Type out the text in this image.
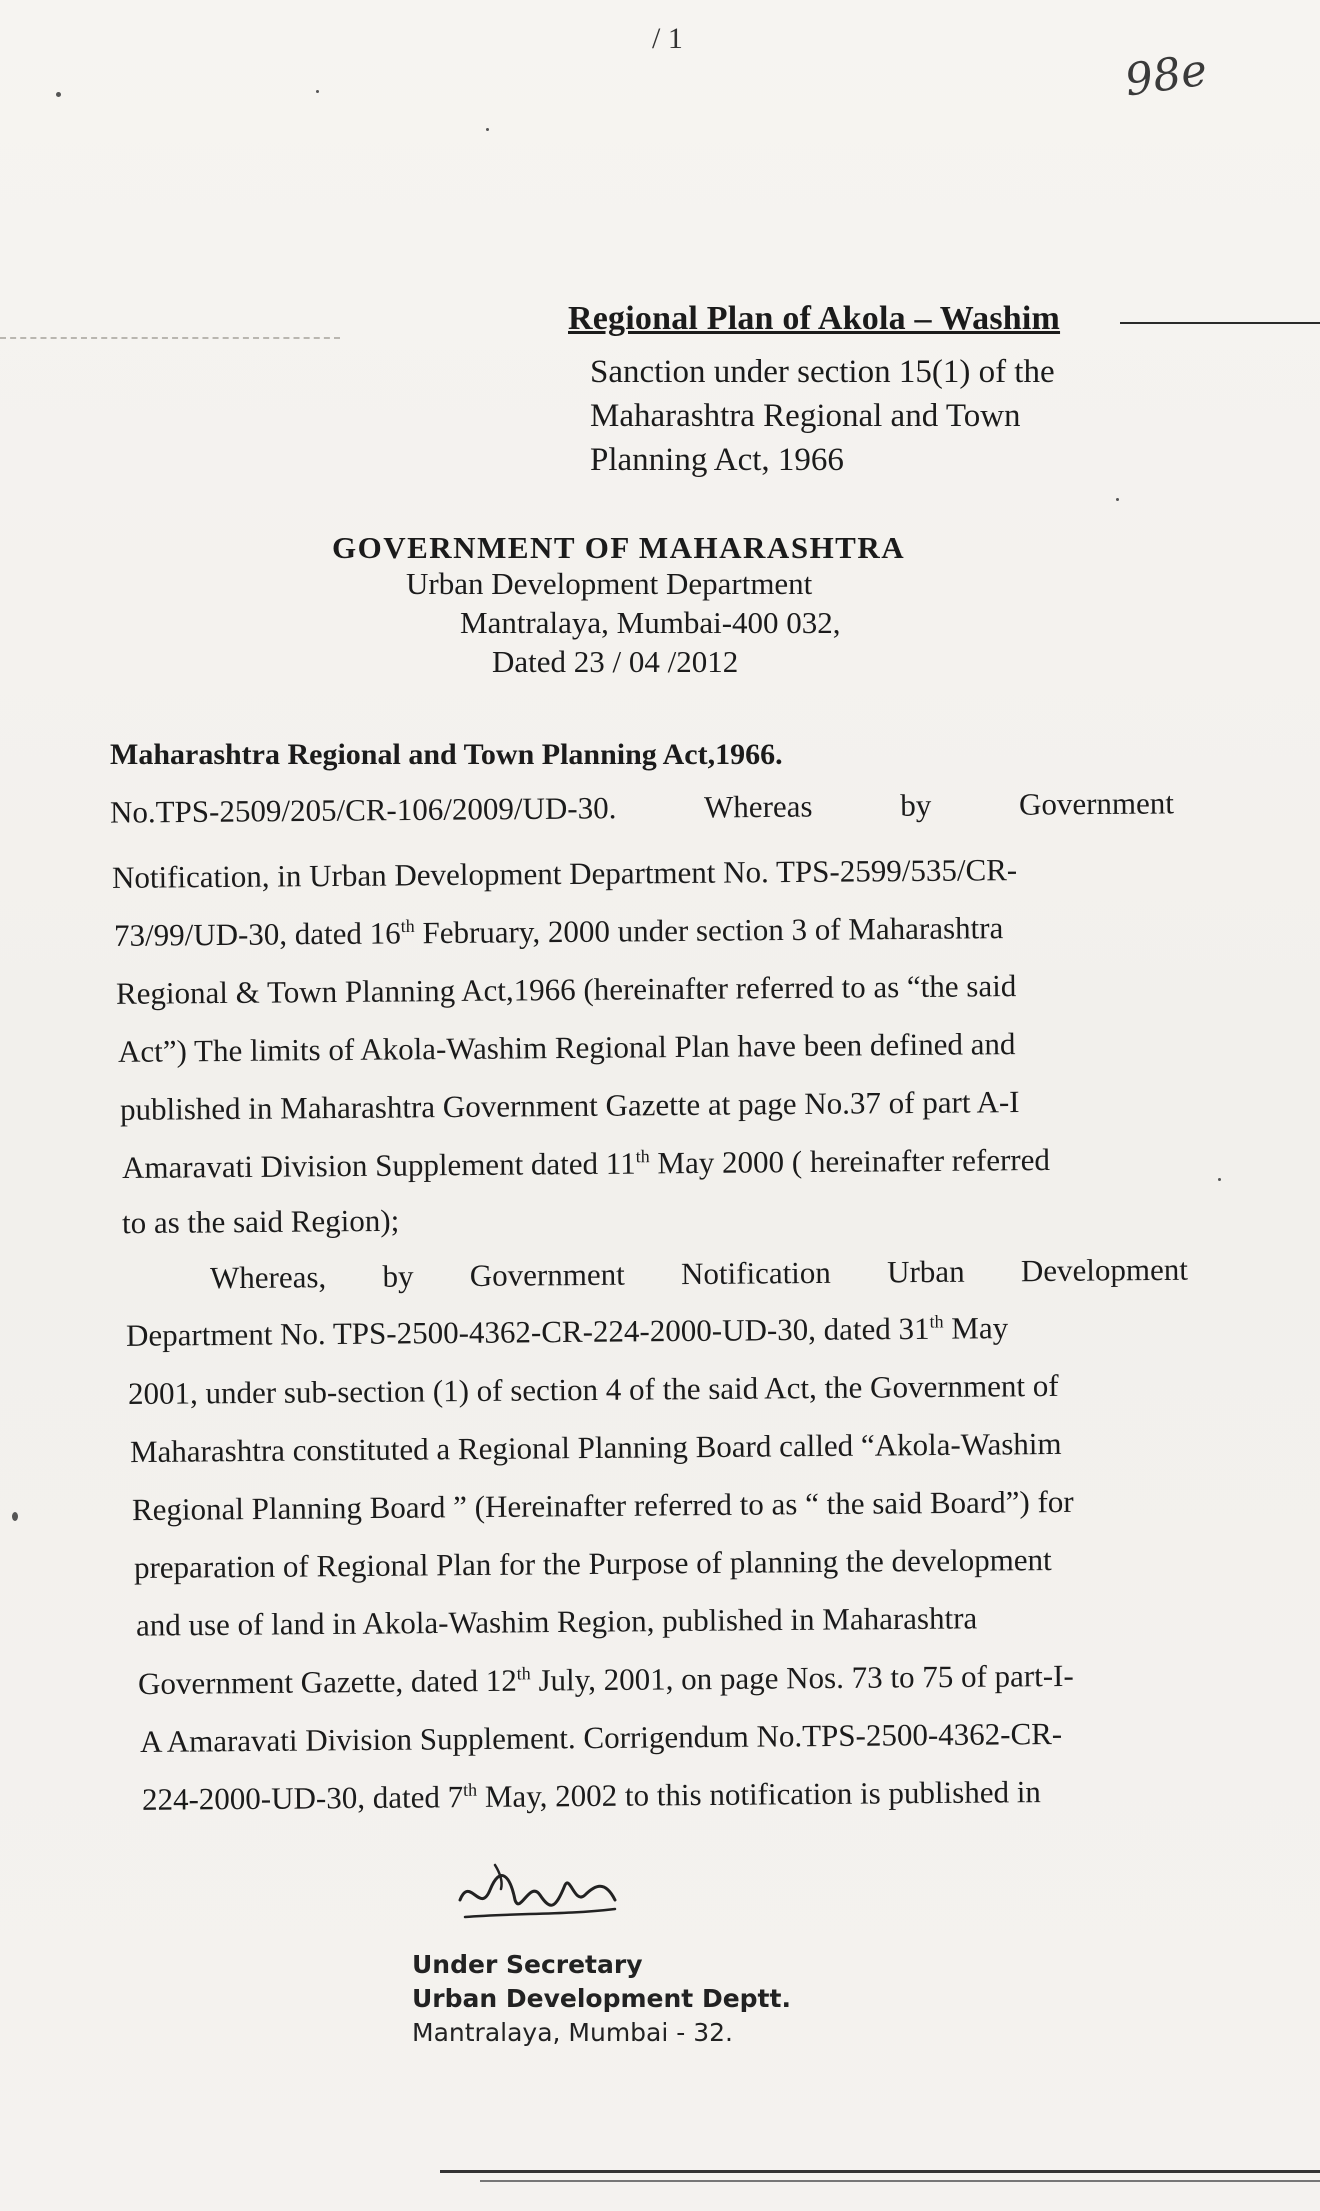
/ 1
98e
Regional Plan of Akola – Washim
Sanction under section 15(1) of the
Maharashtra Regional and Town
Planning Act, 1966
GOVERNMENT OF MAHARASHTRA
Urban Development Department
Mantralaya, Mumbai-400 032,
Dated 23 / 04 /2012
Maharashtra Regional and Town Planning Act,1966.
No.TPS-2509/205/CR-106/2009/UD-30.	Whereas	by	Government
Notification, in Urban Development Department No. TPS-2599/535/CR-
73/99/UD-30, dated 16th February, 2000 under section 3 of Maharashtra
Regional & Town Planning Act,1966 (hereinafter referred to as “the said
Act”) The limits of Akola-Washim Regional Plan have been defined and
published in Maharashtra Government Gazette at page No.37 of part A-I
Amaravati Division Supplement dated 11th May 2000 ( hereinafter referred
to as the said Region);
Whereas, by Government Notification Urban Development
Department No. TPS-2500-4362-CR-224-2000-UD-30, dated 31th May
2001, under sub-section (1) of section 4 of the said Act, the Government of
Maharashtra constituted a Regional Planning Board called “Akola-Washim
Regional Planning Board ” (Hereinafter referred to as “ the said Board”) for
preparation of Regional Plan for the Purpose of planning the development
and use of land in Akola-Washim Region, published in Maharashtra
Government Gazette, dated 12th July, 2001, on page Nos. 73 to 75 of part-I-
A Amaravati Division Supplement. Corrigendum No.TPS-2500-4362-CR-
224-2000-UD-30, dated 7th May, 2002 to this notification is published in
Under Secretary
Urban Development Deptt.
Mantralaya, Mumbai - 32.
